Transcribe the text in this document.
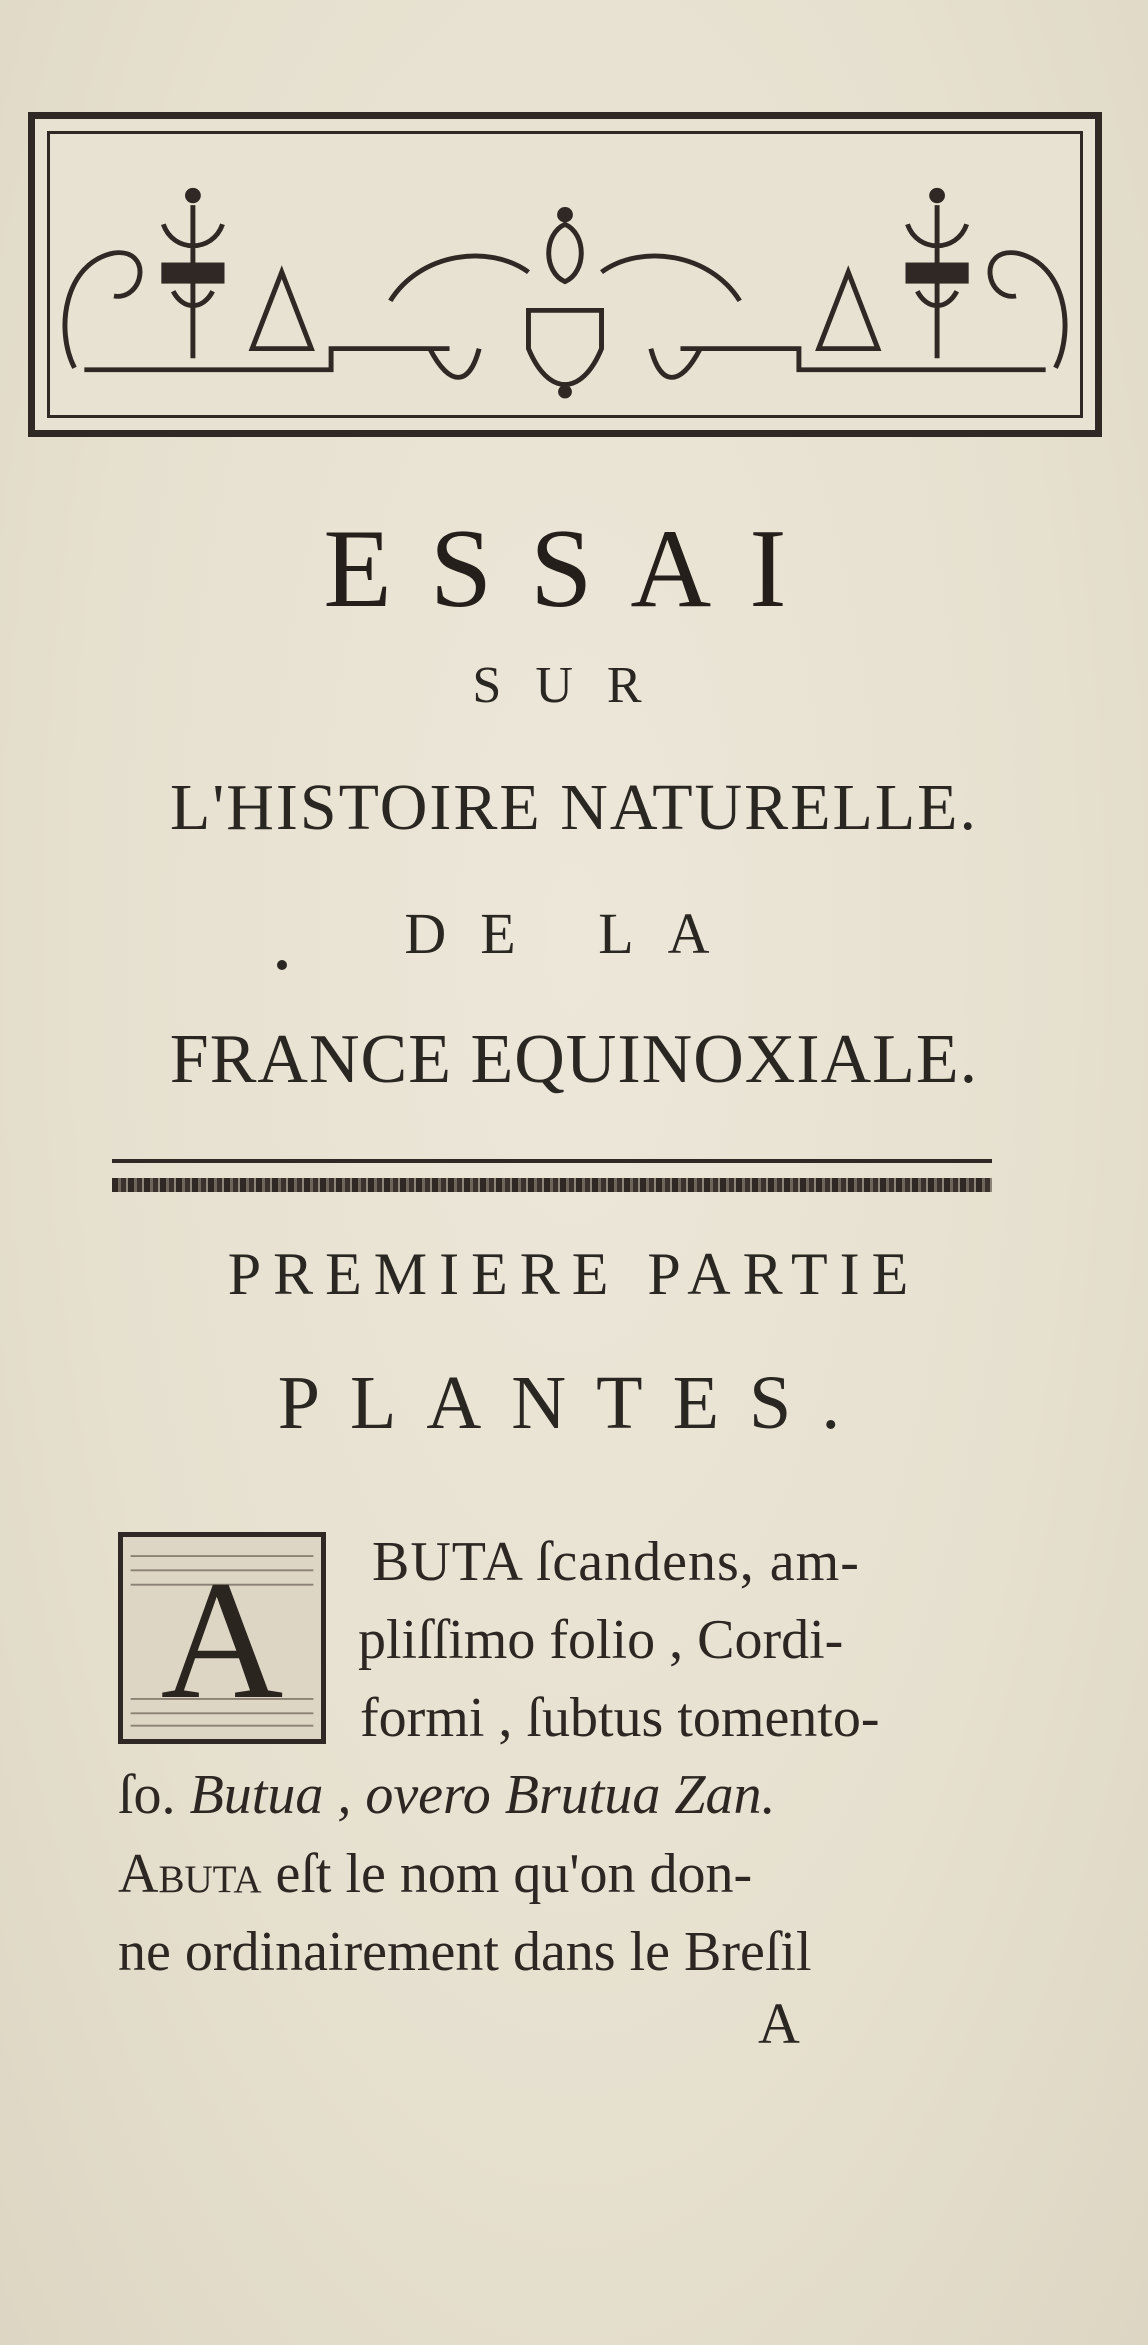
ESSAI
SUR
L'HISTOIRE NATURELLE.
DE LA
FRANCE EQUINOXIALE.
PREMIERE PARTIE
PLANTES.
A	BUTA ſcandens, am-
pliſſimo folio , Cordi-
formi , ſubtus tomento-
ſo. Butua , overo Brutua Zan.
Abuta eſt le nom qu'on don-
ne ordinairement dans le Breſil
A
